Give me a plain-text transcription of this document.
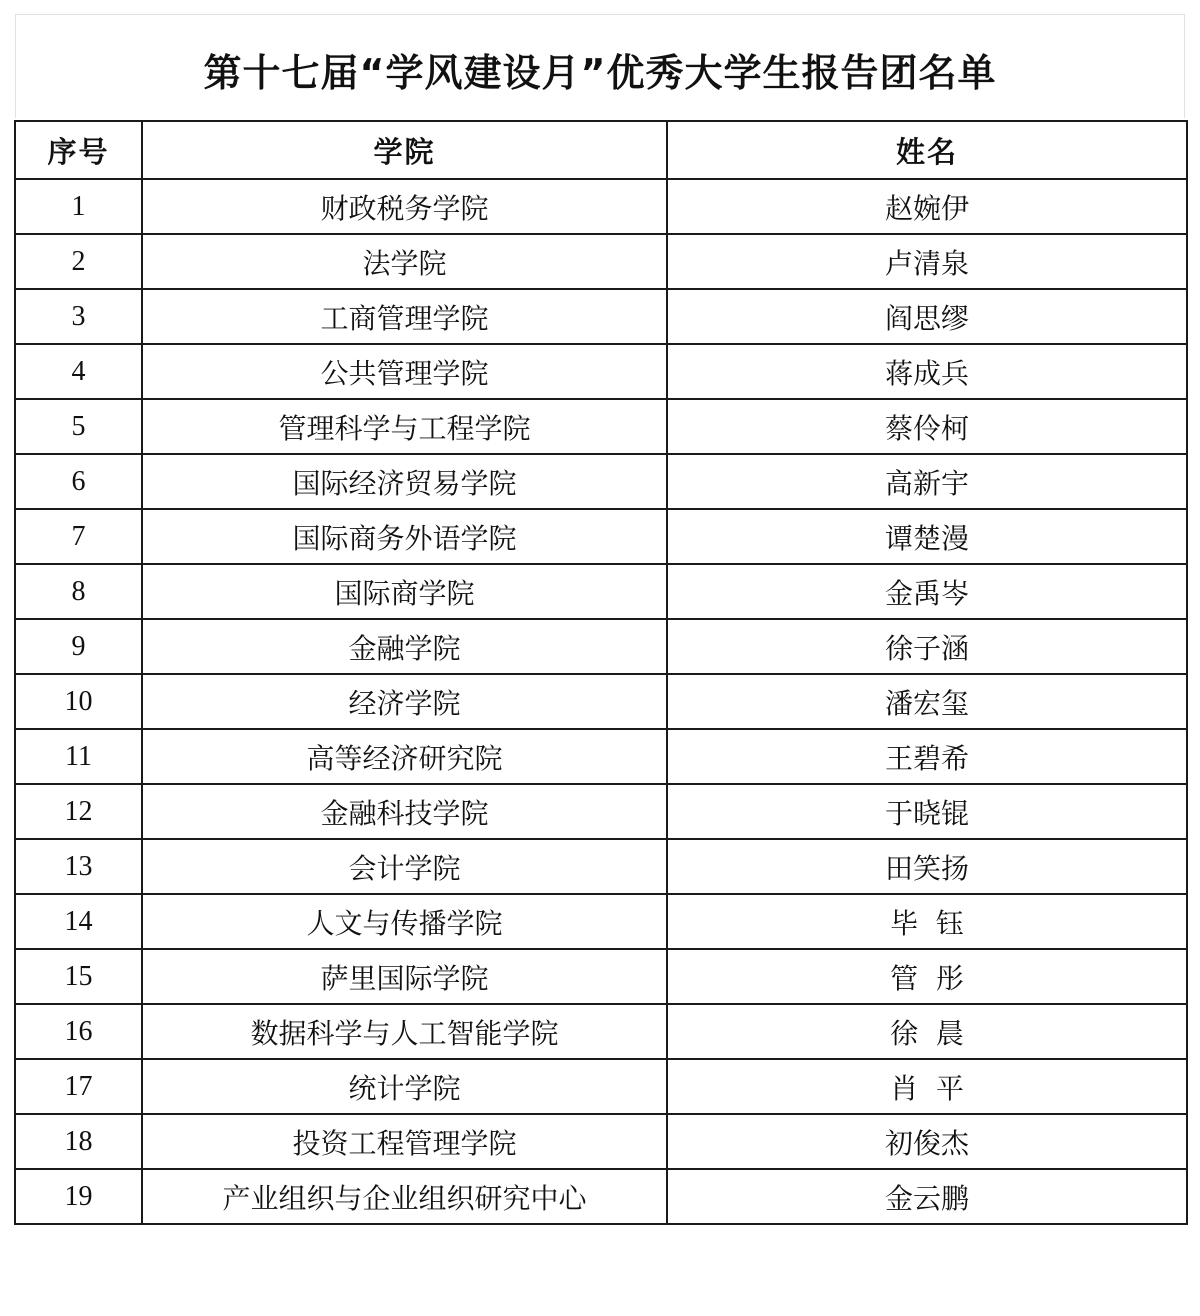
第十七届“学风建设月”优秀大学生报告团名单
序号	学院	姓名
1	财政税务学院	赵婉伊
2	法学院	卢清泉
3	工商管理学院	阎思缪
4	公共管理学院	蒋成兵
5	管理科学与工程学院	蔡伶柯
6	国际经济贸易学院	高新宇
7	国际商务外语学院	谭楚漫
8	国际商学院	金禹岑
9	金融学院	徐子涵
10	经济学院	潘宏玺
11	高等经济研究院	王碧希
12	金融科技学院	于晓锟
13	会计学院	田笑扬
14	人文与传播学院	毕  钰
15	萨里国际学院	管  彤
16	数据科学与人工智能学院	徐  晨
17	统计学院	肖  平
18	投资工程管理学院	初俊杰
19	产业组织与企业组织研究中心	金云鹏
